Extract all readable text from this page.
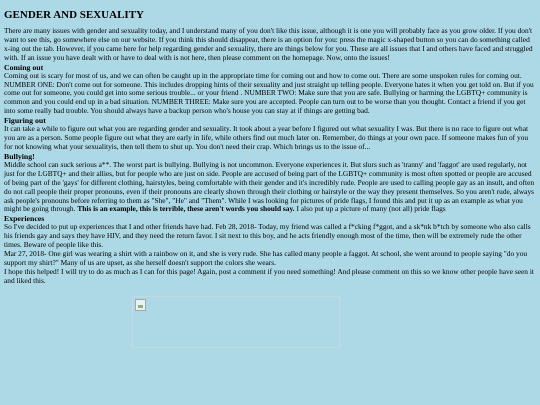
GENDER AND SEXUALITY

There are many issues with gender and sexuality today, and I understand many of you don't like this issue, although it is one you will probably face as you grow older. If you don't want to see this, go somewhere else on our website. If you think this should disappear, there is an option for you: press the magic x-shaped button so you can do something called x-ing out the tab. However, if you came here for help regarding gender and sexuality, there are things below for you. These are all issues that I and others have faced and struggled with. If an issue you have dealt with or have to deal with is not here, then please comment on the homepage. Now, onto the issues!

Coming out

Coming out is scary for most of us, and we can often be caught up in the appropriate time for coming out and how to come out. There are some unspoken rules for coming out. NUMBER ONE: Don't come out for someone. This includes dropping hints of their sexuality and just straight up telling people. Everyone hates it when you get told on. But if you come out for someone, you could get into some serious trouble... or your friend . NUMBER TWO: Make sure that you are safe. Bullying or harming the LGBTQ+ community is common and you could end up in a bad situation. NUMBER THREE: Make sure you are accepted. People can turn out to be worse than you thought. Contact a friend if you get into some really bad trouble. You should always have a backup person who's house you can stay at if things are getting bad.

Figuring out

It can take a while to figure out what you are regarding gender and sexuality. It took about a year before I figured out what sexuality I was. But there is no race to figure out what you are as a person. Some people figure out what they are early in life, while others find out much later on. Remember, do things at your own pace. If someone makes fun of you for not knowing what your sexualityis, then tell them to shut up. You don't need their crap. Which brings us to the issue of...

Bullying!

Middle school can suck serious a**. The worst part is bullying. Bullying is not uncommon. Everyone experiences it. But slurs such as 'tranny' and 'faggot' are used regularly, not just for the LGBTQ+ and their allies, but for people who are just on side. People are accused of being part of the LGBTQ+ community is most often spotted or people are accused of being part of the 'gays' for different clothing, hairstyles, being comfortable with their gender and it's incredibly rude. People are used to calling people gay as an insult, and often do not call people their proper pronouns, even if their pronouns are clearly shown through their clothing or hairstyle or the way they present themselves. So you aren't rude, always ask people's pronouns before referring to them as "She", "He" and "Them". While I was looking for pictures of pride flags, I found this and put it up as an example as what you might be going through. This is an example, this is terrible, these aren't words you should say. I also put up a picture of many (not all) pride flags

Experiences

So I've decided to put up experiences that I and other friends have had. Feb 28, 2018- Today, my friend was called a f*cking f*ggot, and a sk*nk b*tch by someone who also calls his friends gay and says they have HIV, and they need the return favor. I sit next to this boy, and he acts friendly enough most of the time, then will be extremely rude the other times. Beware of people like this.

Mar 27, 2018- One girl was wearing a shirt with a rainbow on it, and she is very rude. She has called many people a faggot. At school, she went around to people saying "do you support my shirt?" Many of us are upset, as she herself doesn't support the colors she wears.

I hope this helped! I will try to do as much as I can for this page! Again, post a comment if you need something! And please comment on this so we know other people have seen it and liked this.
